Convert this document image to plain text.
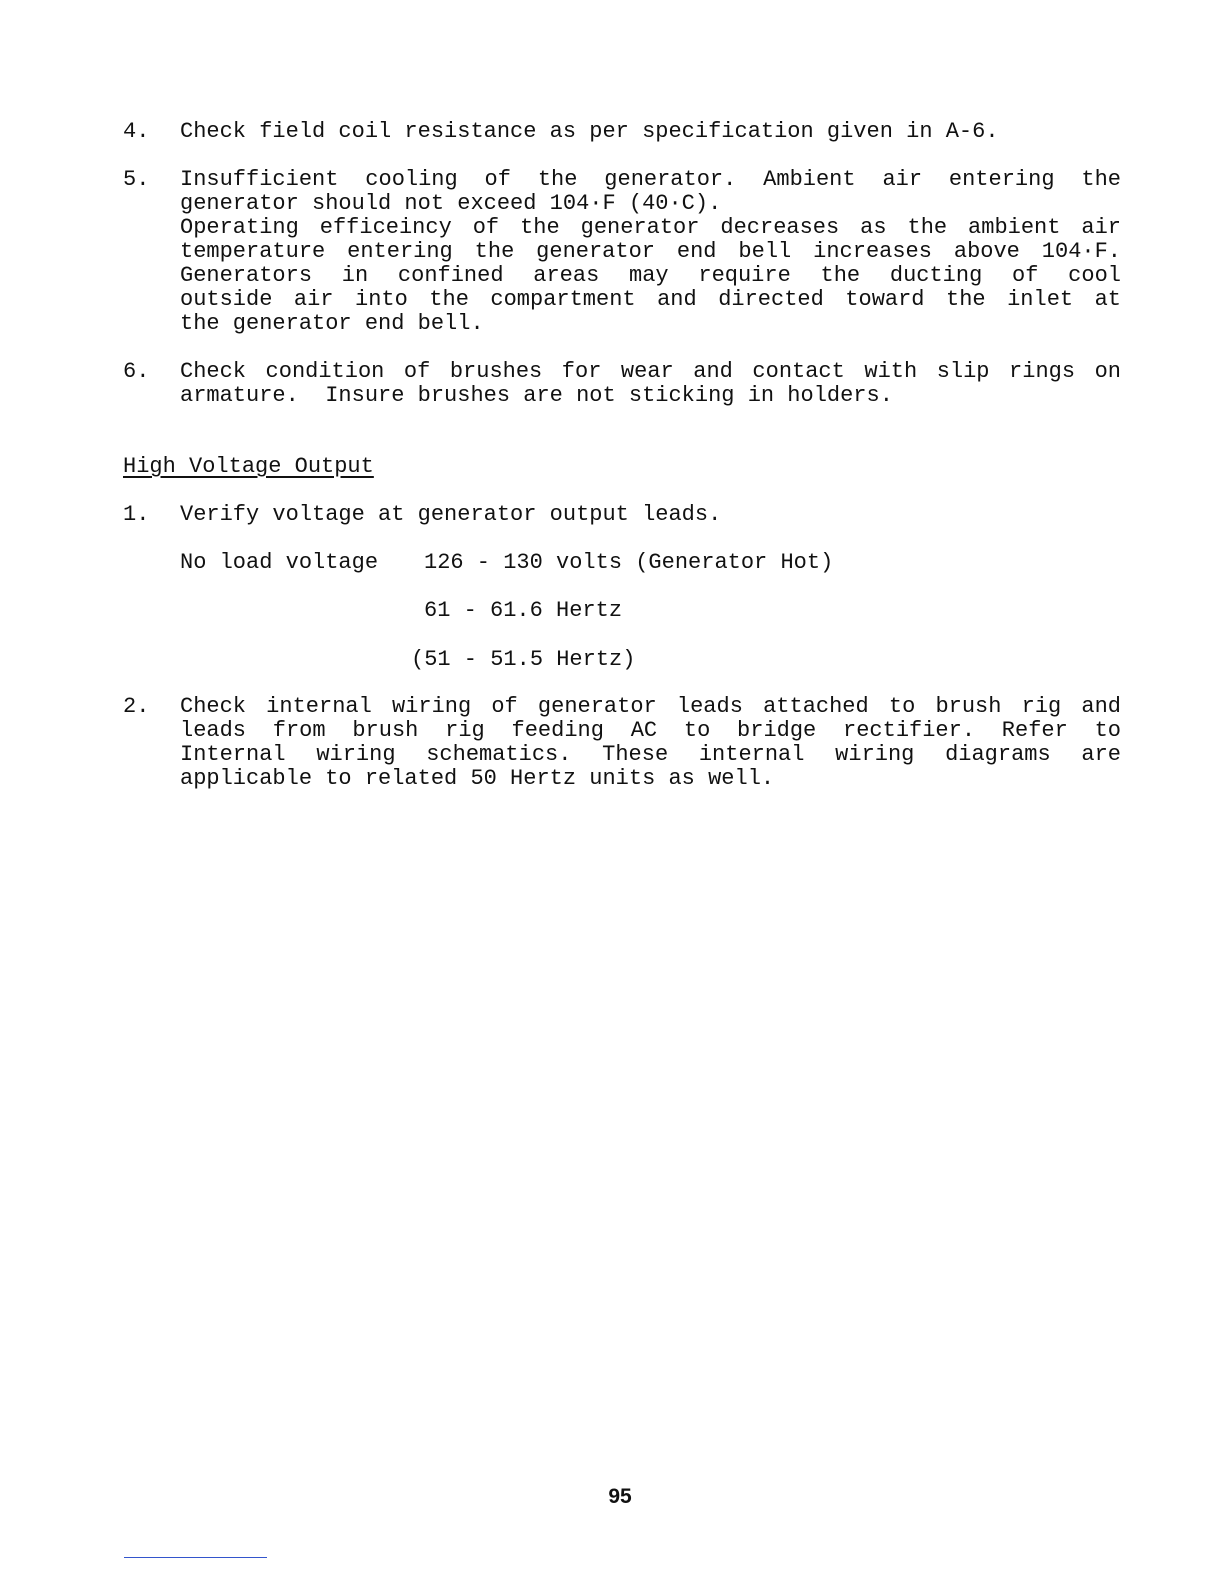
4. Check field coil resistance as per specification given in A-6.
5. Insufficient cooling of the generator. Ambient air entering the
generator should not exceed 104·F (40·C).
Operating efficeincy of the generator decreases as the ambient air
temperature entering the generator end bell increases above 104·F.
Generators in confined areas may require the ducting of cool
outside air into the compartment and directed toward the inlet at
the generator end bell.
6. Check condition of brushes for wear and contact with slip rings on
armature.  Insure brushes are not sticking in holders.
High Voltage Output
1. Verify voltage at generator output leads.
No load voltage 126 - 130 volts (Generator Hot)
61 - 61.6 Hertz
(51 - 51.5 Hertz)
2. Check internal wiring of generator leads attached to brush rig and
leads from brush rig feeding AC to bridge rectifier. Refer to
Internal wiring schematics. These internal wiring diagrams are
applicable to related 50 Hertz units as well.
95
